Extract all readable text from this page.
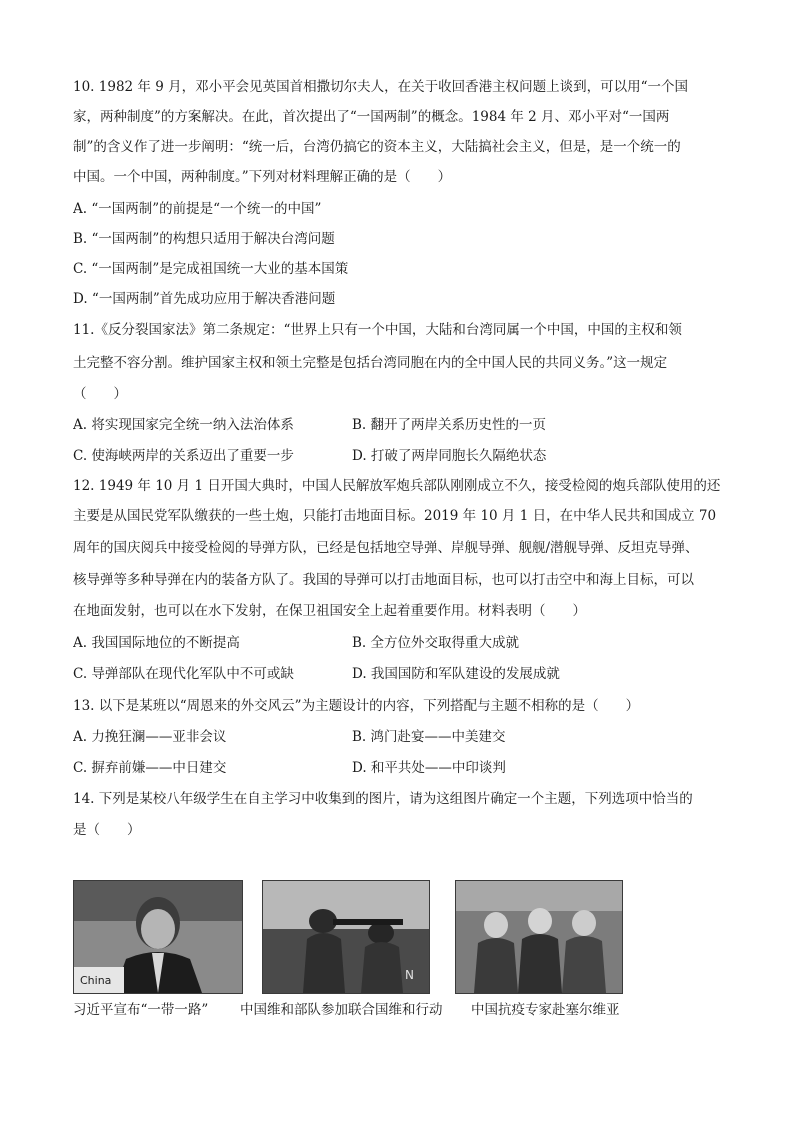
10. 1982 年 9 月，邓小平会见英国首相撒切尔夫人，在关于收回香港主权问题上谈到，可以用“一个国
家，两种制度”的方案解决。在此，首次提出了“一国两制”的概念。1984 年 2 月、邓小平对“一国两
制”的含义作了进一步阐明：“统一后，台湾仍搞它的资本主义，大陆搞社会主义，但是，是一个统一的
中国。一个中国，两种制度。”下列对材料理解正确的是（　　）
A. “一国两制”的前提是“一个统一的中国”
B. “一国两制”的构想只适用于解决台湾问题
C. “一国两制”是完成祖国统一大业的基本国策
D. “一国两制”首先成功应用于解决香港问题
11.《反分裂国家法》第二条规定：“世界上只有一个中国，大陆和台湾同属一个中国，中国的主权和领
土完整不容分割。维护国家主权和领土完整是包括台湾同胞在内的全中国人民的共同义务。”这一规定
（　　）
A. 将实现国家完全统一纳入法治体系	B. 翻开了两岸关系历史性的一页
C. 使海峡两岸的关系迈出了重要一步	D. 打破了两岸同胞长久隔绝状态
12. 1949 年 10 月 1 日开国大典时，中国人民解放军炮兵部队刚刚成立不久，接受检阅的炮兵部队使用的还
主要是从国民党军队缴获的一些土炮，只能打击地面目标。2019 年 10 月 1 日，在中华人民共和国成立 70
周年的国庆阅兵中接受检阅的导弹方队，已经是包括地空导弹、岸舰导弹、舰舰/潜舰导弹、反坦克导弹、
核导弹等多种导弹在内的装备方队了。我国的导弹可以打击地面目标，也可以打击空中和海上目标，可以
在地面发射，也可以在水下发射，在保卫祖国安全上起着重要作用。材料表明（　　）
A. 我国国际地位的不断提高	B. 全方位外交取得重大成就
C. 导弹部队在现代化军队中不可或缺	D. 我国国防和军队建设的发展成就
13. 以下是某班以“周恩来的外交风云”为主题设计的内容，下列搭配与主题不相称的是（　　）
A. 力挽狂澜——亚非会议	B. 鸿门赴宴——中美建交
C. 摒弃前嫌——中日建交	D. 和平共处——中印谈判
14. 下列是某校八年级学生在自主学习中收集到的图片，请为这组图片确定一个主题，下列选项中恰当的
是（　　）
China
习近平宣布“一带一路”
N
中国维和部队参加联合国维和行动 中国抗疫专家赴塞尔维亚
